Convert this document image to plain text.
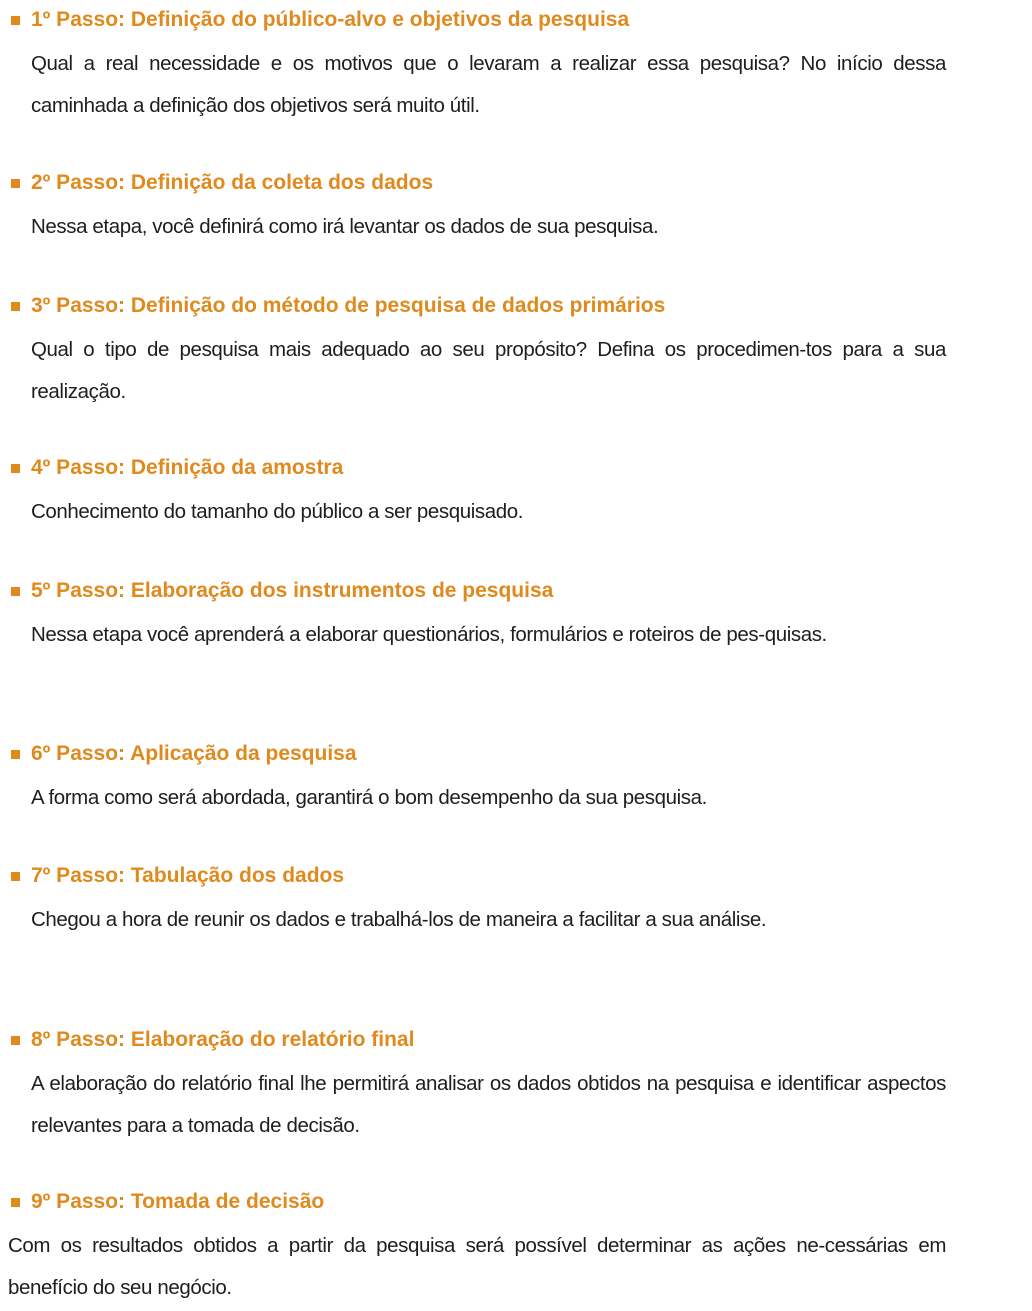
1º Passo: Definição do público-alvo e objetivos da pesquisa
Qual a real necessidade e os motivos que o levaram a realizar essa pesquisa? No início dessa caminhada a definição dos objetivos será muito útil.
2º Passo: Definição da coleta dos dados
Nessa etapa, você definirá como irá levantar os dados de sua pesquisa.
3º Passo: Definição do método de pesquisa de dados primários
Qual o tipo de pesquisa mais adequado ao seu propósito? Defina os procedimen-tos para a sua realização.
4º Passo: Definição da amostra
Conhecimento do tamanho do público a ser pesquisado.
5º Passo: Elaboração dos instrumentos de pesquisa
Nessa etapa você aprenderá a elaborar questionários, formulários e roteiros de pes-quisas.
6º Passo: Aplicação da pesquisa
A forma como será abordada, garantirá o bom desempenho da sua pesquisa.
7º Passo: Tabulação dos dados
Chegou a hora de reunir os dados e trabalhá-los de maneira a facilitar a sua análise.
8º Passo: Elaboração do relatório final
A elaboração do relatório final lhe permitirá analisar os dados obtidos na pesquisa e identificar aspectos relevantes para a tomada de decisão.
9º Passo: Tomada de decisão
Com os resultados obtidos a partir da pesquisa será possível determinar as ações ne-cessárias em benefício do seu negócio.
